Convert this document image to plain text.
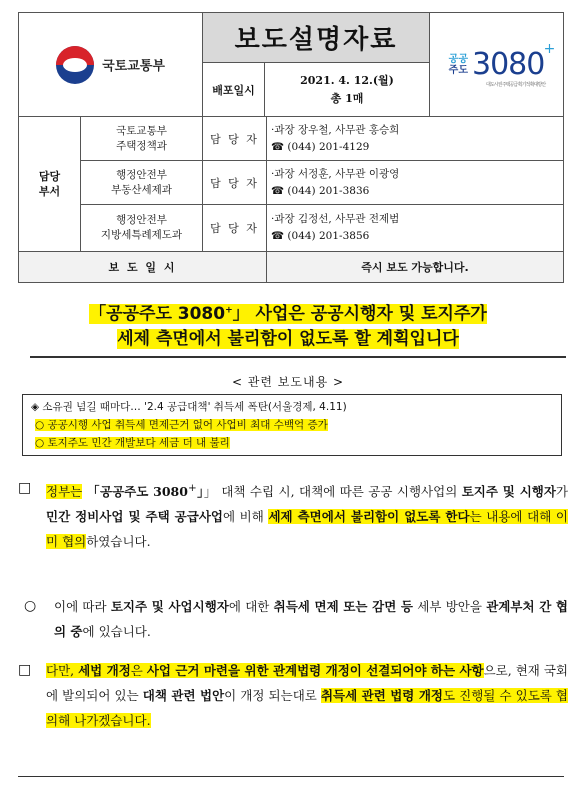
국토교통부
보도설명자료
배포일시
2021. 4. 12.(월)
총 1매
공공
주도 3080 +
대도시권 주택공급 획기적 확대방안
담당
부서
국토교통부
주택정책과	담 당 자
·과장 장우철, 사무관 홍승희
☎ (044) 201-4129
행정안전부
부동산세제과	담 당 자
·과장 서정훈, 사무관 이광영
☎ (044) 201-3836
행정안전부
지방세특례제도과	담 당 자
·과장 김정선, 사무관 전제범
☎ (044) 201-3856
보 도 일 시	즉시 보도 가능합니다.
「공공주도 3080+」 사업은 공공시행자 및 토지주가
세제 측면에서 불리함이 없도록 할 계획입니다
< 관련 보도내용 >
◈ 소유권 넘길 때마다… '2.4 공급대책' 취득세 폭탄(서울경제, 4.11)
○ 공공시행 사업 취득세 면제근거 없어 사업비 최대 수백억 증가
○ 토지주도 민간 개발보다 세금 더 내 불리
□	정부는 「공공주도 3080+」」 대책 수립 시, 대책에 따른 공공 시행사업의 토지주 및 시행자가 민간 정비사업 및 주택 공급사업에 비해 세제 측면에서 불리함이 없도록 한다는 내용에 대해 이미 협의하였습니다.
○	이에 따라 토지주 및 사업시행자에 대한 취득세 면제 또는 감면 등 세부 방안을 관계부처 간 협의 중에 있습니다.
□	다만, 세법 개정은 사업 근거 마련을 위한 관계법령 개정이 선결되어야 하는 사항으로, 현재 국회에 발의되어 있는 대책 관련 법안이 개정 되는대로 취득세 관련 법령 개정도 진행될 수 있도록 협의해 나가겠습니다.
